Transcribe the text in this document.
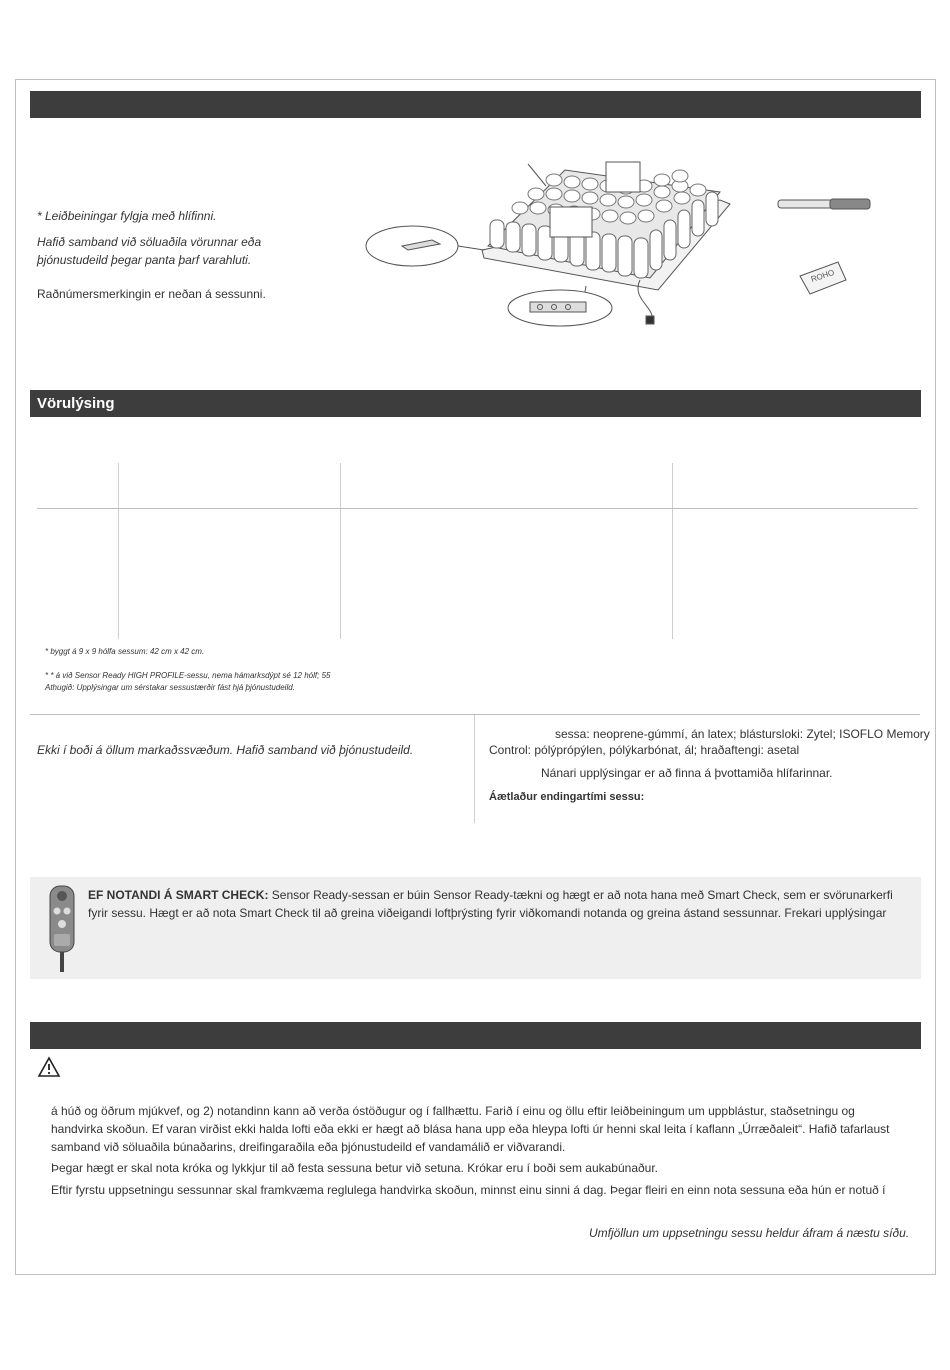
* Leiðbeiningar fylgja með hlífinni.
Hafið samband við söluaðila vörunnar eða
þjónustudeild þegar panta þarf varahluti.
Raðnúmersmerkingin er neðan á sessunni.
ROHO
Vörulýsing
* byggt á 9 x 9 hólfa sessum: 42 cm x 42 cm.
* * á við Sensor Ready HIGH PROFILE-sessu, nema hámarksdýpt sé 12 hólf; 55
Athugið: Upplýsingar um sérstakar sessustærðir fást hjá þjónustudeild.
Ekki í boði á öllum markaðssvæðum. Hafið samband við þjónustudeild.
sessa: neoprene-gúmmí, án latex; blástursloki: Zytel; ISOFLO Memory
Control: pólýprópýlen, pólýkarbónat, ál; hraðaftengi: asetal
Nánari upplýsingar er að finna á þvottamiða hlífarinnar.
Áætlaður endingartími sessu:
EF NOTANDI Á SMART CHECK: Sensor Ready-sessan er búin Sensor Ready-tækni og hægt er að nota hana með Smart Check, sem er svörunarkerfi
fyrir sessu. Hægt er að nota Smart Check til að greina viðeigandi loftþrýsting fyrir viðkomandi notanda og greina ástand sessunnar. Frekari upplýsingar
á húð og öðrum mjúkvef, og 2) notandinn kann að verða óstöðugur og í fallhættu. Farið í einu og öllu eftir leiðbeiningum um uppblástur, staðsetningu og
handvirka skoðun. Ef varan virðist ekki halda lofti eða ekki er hægt að blása hana upp eða hleypa lofti úr henni skal leita í kaflann „Úrræðaleit“. Hafið tafarlaust
samband við söluaðila búnaðarins, dreifingaraðila eða þjónustudeild ef vandamálið er viðvarandi.
Þegar hægt er skal nota króka og lykkjur til að festa sessuna betur við setuna. Krókar eru í boði sem aukabúnaður.
Eftir fyrstu uppsetningu sessunnar skal framkvæma reglulega handvirka skoðun, minnst einu sinni á dag. Þegar fleiri en einn nota sessuna eða hún er notuð í
Umfjöllun um uppsetningu sessu heldur áfram á næstu síðu.
